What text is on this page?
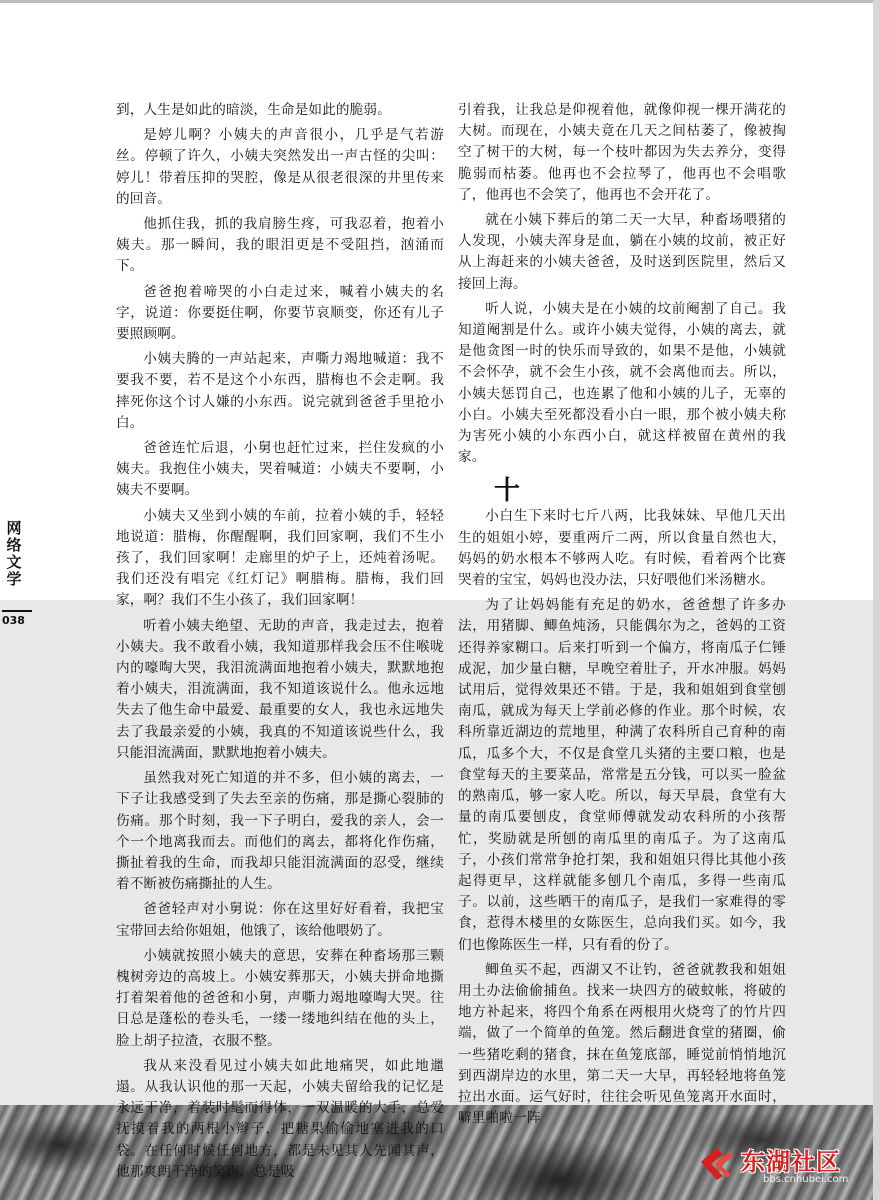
网
络
文
学
038

到，人生是如此的暗淡，生命是如此的脆弱。

是婷儿啊？小姨夫的声音很小，几乎是气若游丝。停顿了许久，小姨夫突然发出一声古怪的尖叫：婷儿！带着压抑的哭腔，像是从很老很深的井里传来的回音。

他抓住我，抓的我肩膀生疼，可我忍着，抱着小姨夫。那一瞬间，我的眼泪更是不受阻挡，汹涌而下。

爸爸抱着啼哭的小白走过来，喊着小姨夫的名字，说道：你要挺住啊，你要节哀顺变，你还有儿子要照顾啊。

小姨夫腾的一声站起来，声嘶力竭地喊道：我不要我不要，若不是这个小东西，腊梅也不会走啊。我摔死你这个讨人嫌的小东西。说完就到爸爸手里抢小白。

爸爸连忙后退，小舅也赶忙过来，拦住发疯的小姨夫。我抱住小姨夫，哭着喊道：小姨夫不要啊，小姨夫不要啊。

小姨夫又坐到小姨的车前，拉着小姨的手，轻轻地说道：腊梅，你醒醒啊，我们回家啊，我们不生小孩了，我们回家啊！走廊里的炉子上，还炖着汤呢。我们还没有唱完《红灯记》啊腊梅。腊梅，我们回家，啊？我们不生小孩了，我们回家啊！

听着小姨夫绝望、无助的声音，我走过去，抱着小姨夫。我不敢看小姨，我知道那样我会压不住喉咙内的嚎啕大哭，我泪流满面地抱着小姨夫，默默地抱着小姨夫，泪流满面，我不知道该说什么。他永远地失去了他生命中最爱、最重要的女人，我也永远地失去了我最亲爱的小姨，我真的不知道该说些什么，我只能泪流满面，默默地抱着小姨夫。

虽然我对死亡知道的并不多，但小姨的离去，一下子让我感受到了失去至亲的伤痛，那是撕心裂肺的伤痛。那个时刻，我一下子明白，爱我的亲人，会一个一个地离我而去。而他们的离去，都将化作伤痛，撕扯着我的生命，而我却只能泪流满面的忍受，继续着不断被伤痛撕扯的人生。

爸爸轻声对小舅说：你在这里好好看着，我把宝宝带回去给你姐姐，他饿了，该给他喂奶了。

小姨就按照小姨夫的意思，安葬在种畜场那三颗槐树旁边的高坡上。小姨安葬那天，小姨夫拼命地撕打着架着他的爸爸和小舅，声嘶力竭地嚎啕大哭。往日总是蓬松的卷头毛，一缕一缕地纠结在他的头上，脸上胡子拉渣，衣服不整。

我从来没看见过小姨夫如此地痛哭，如此地邋遢。从我认识他的那一天起，小姨夫留给我的记忆是永远干净，着装时髦而得体，一双温暖的大手，总爱抚摸着我的两根小辫子，把糖果偷偷地塞进我的口袋。在任何时候任何地方，都是未见其人先闻其声，他那爽朗干净的笑声，总是吸

引着我，让我总是仰视着他，就像仰视一棵开满花的大树。而现在，小姨夫竟在几天之间枯萎了，像被掏空了树干的大树，每一个枝叶都因为失去养分，变得脆弱而枯萎。他再也不会拉琴了，他再也不会唱歌了，他再也不会笑了，他再也不会开花了。

就在小姨下葬后的第二天一大早，种畜场喂猪的人发现，小姨夫浑身是血，躺在小姨的坟前，被正好从上海赶来的小姨夫爸爸，及时送到医院里，然后又接回上海。

听人说，小姨夫是在小姨的坟前阉割了自己。我知道阉割是什么。或许小姨夫觉得，小姨的离去，就是他贪图一时的快乐而导致的，如果不是他，小姨就不会怀孕，就不会生小孩，就不会离他而去。所以，小姨夫惩罚自己，也连累了他和小姨的儿子，无辜的小白。小姨夫至死都没看小白一眼，那个被小姨夫称为害死小姨的小东西小白，就这样被留在黄州的我家。

十

小白生下来时七斤八两，比我妹妹、早他几天出生的姐姐小婷，要重两斤二两，所以食量自然也大，妈妈的奶水根本不够两人吃。有时候，看着两个比赛哭着的宝宝，妈妈也没办法，只好喂他们米汤糖水。

为了让妈妈能有充足的奶水，爸爸想了许多办法，用猪脚、鲫鱼炖汤，只能偶尔为之，爸妈的工资还得养家糊口。后来打听到一个偏方，将南瓜子仁锤成泥，加少量白糖，早晚空着肚子，开水冲服。妈妈试用后，觉得效果还不错。于是，我和姐姐到食堂刨南瓜，就成为每天上学前必修的作业。那个时候，农科所靠近湖边的荒地里，种满了农科所自己育种的南瓜，瓜多个大，不仅是食堂几头猪的主要口粮，也是食堂每天的主要菜品，常常是五分钱，可以买一脸盆的熟南瓜，够一家人吃。所以，每天早晨，食堂有大量的南瓜要刨皮，食堂师傅就发动农科所的小孩帮忙，奖励就是所刨的南瓜里的南瓜子。为了这南瓜子，小孩们常常争抢打架，我和姐姐只得比其他小孩起得更早，这样就能多刨几个南瓜，多得一些南瓜子。以前，这些晒干的南瓜子，是我们一家难得的零食，惹得木楼里的女陈医生，总向我们买。如今，我们也像陈医生一样，只有看的份了。

鲫鱼买不起，西湖又不让钓，爸爸就教我和姐姐用土办法偷偷捕鱼。找来一块四方的破蚊帐，将破的地方补起来，将四个角系在两根用火烧弯了的竹片四端，做了一个简单的鱼笼。然后翻进食堂的猪圈，偷一些猪吃剩的猪食，抹在鱼笼底部，睡觉前悄悄地沉到西湖岸边的水里，第二天一大早，再轻轻地将鱼笼拉出水面。运气好时，往往会听见鱼笼离开水面时，噼里啪啦一阵

东湖社区
bbs.cnhubei.com
